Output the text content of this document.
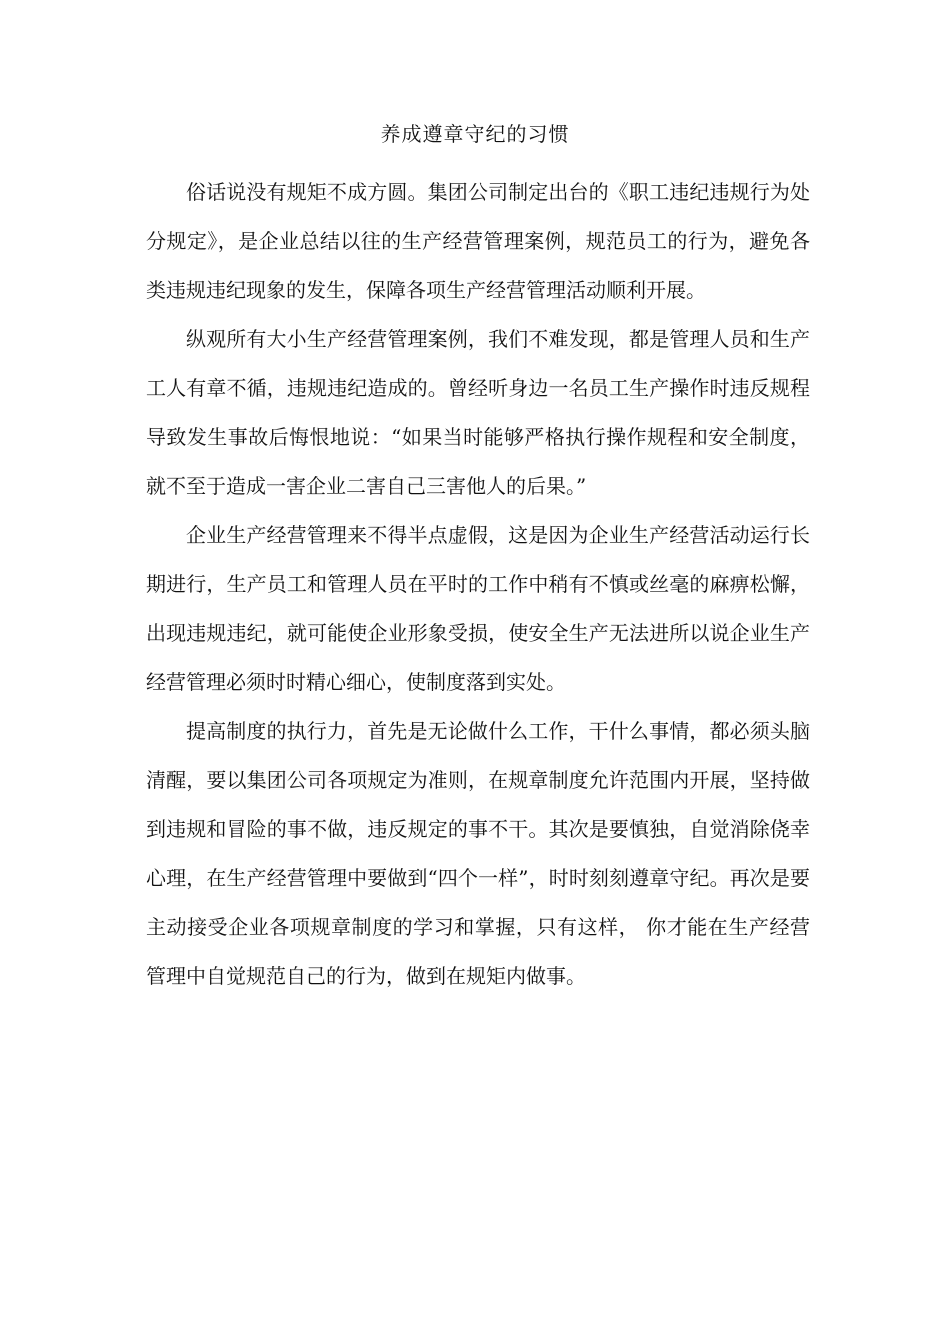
养成遵章守纪的习惯

俗话说没有规矩不成方圆。集团公司制定出台的《职工违纪违规行为处分规定》，是企业总结以往的生产经营管理案例，规范员工的行为，避免各类违规违纪现象的发生，保障各项生产经营管理活动顺利开展。

纵观所有大小生产经营管理案例，我们不难发现，都是管理人员和生产工人有章不循，违规违纪造成的。曾经听身边一名员工生产操作时违反规程导致发生事故后悔恨地说：“如果当时能够严格执行操作规程和安全制度，就不至于造成一害企业二害自己三害他人的后果。”

企业生产经营管理来不得半点虚假，这是因为企业生产经营活动运行长期进行，生产员工和管理人员在平时的工作中稍有不慎或丝毫的麻痹松懈，出现违规违纪，就可能使企业形象受损，使安全生产无法进所以说企业生产经营管理必须时时精心细心，使制度落到实处。

提高制度的执行力，首先是无论做什么工作，干什么事情，都必须头脑清醒，要以集团公司各项规定为准则，在规章制度允许范围内开展，坚持做到违规和冒险的事不做，违反规定的事不干。其次是要慎独，自觉消除侥幸心理，在生产经营管理中要做到“四个一样”，时时刻刻遵章守纪。再次是要主动接受企业各项规章制度的学习和掌握，只有这样， 你才能在生产经营管理中自觉规范自己的行为，做到在规矩内做事。
